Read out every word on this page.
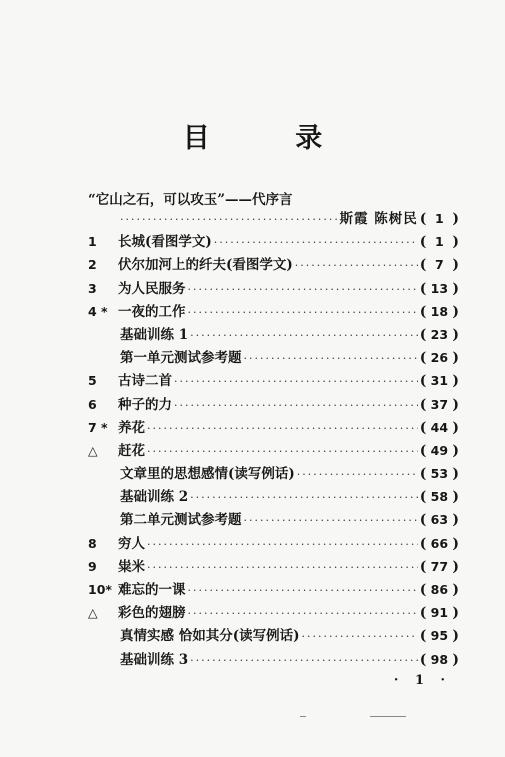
目 录
“它山之石，可以攻玉”——代序言
·····
斯霞 陈树民 ( 1 )
1	长城(看图学文) ·····	( 1 )
2	伏尔加河上的纤夫(看图学文) ·····	( 7 )
3	为人民服务 ·····	( 13 )
4 * 一夜的工作 ·····	( 18 )
基础训练 1 ·····	( 23 )
第一单元测试参考题 ·····	( 26 )
5	古诗二首 ·····	( 31 )
6	种子的力 ·····	( 37 )
7 * 养花 ·····	( 44 )
△	赶花 ·····	( 49 )
文章里的思想感情(读写例话) ·····	( 53 )
基础训练 2 ·····	( 58 )
第二单元测试参考题 ·····	( 63 )
8	穷人 ·····	( 66 )
9	粜米 ·····	( 77 )
10* 难忘的一课 ·····	( 86 )
△	彩色的翅膀 ·····	( 91 )
真情实感 恰如其分(读写例话) ·····	( 95 )
基础训练 3 ·····	( 98 )
· 1 ·
